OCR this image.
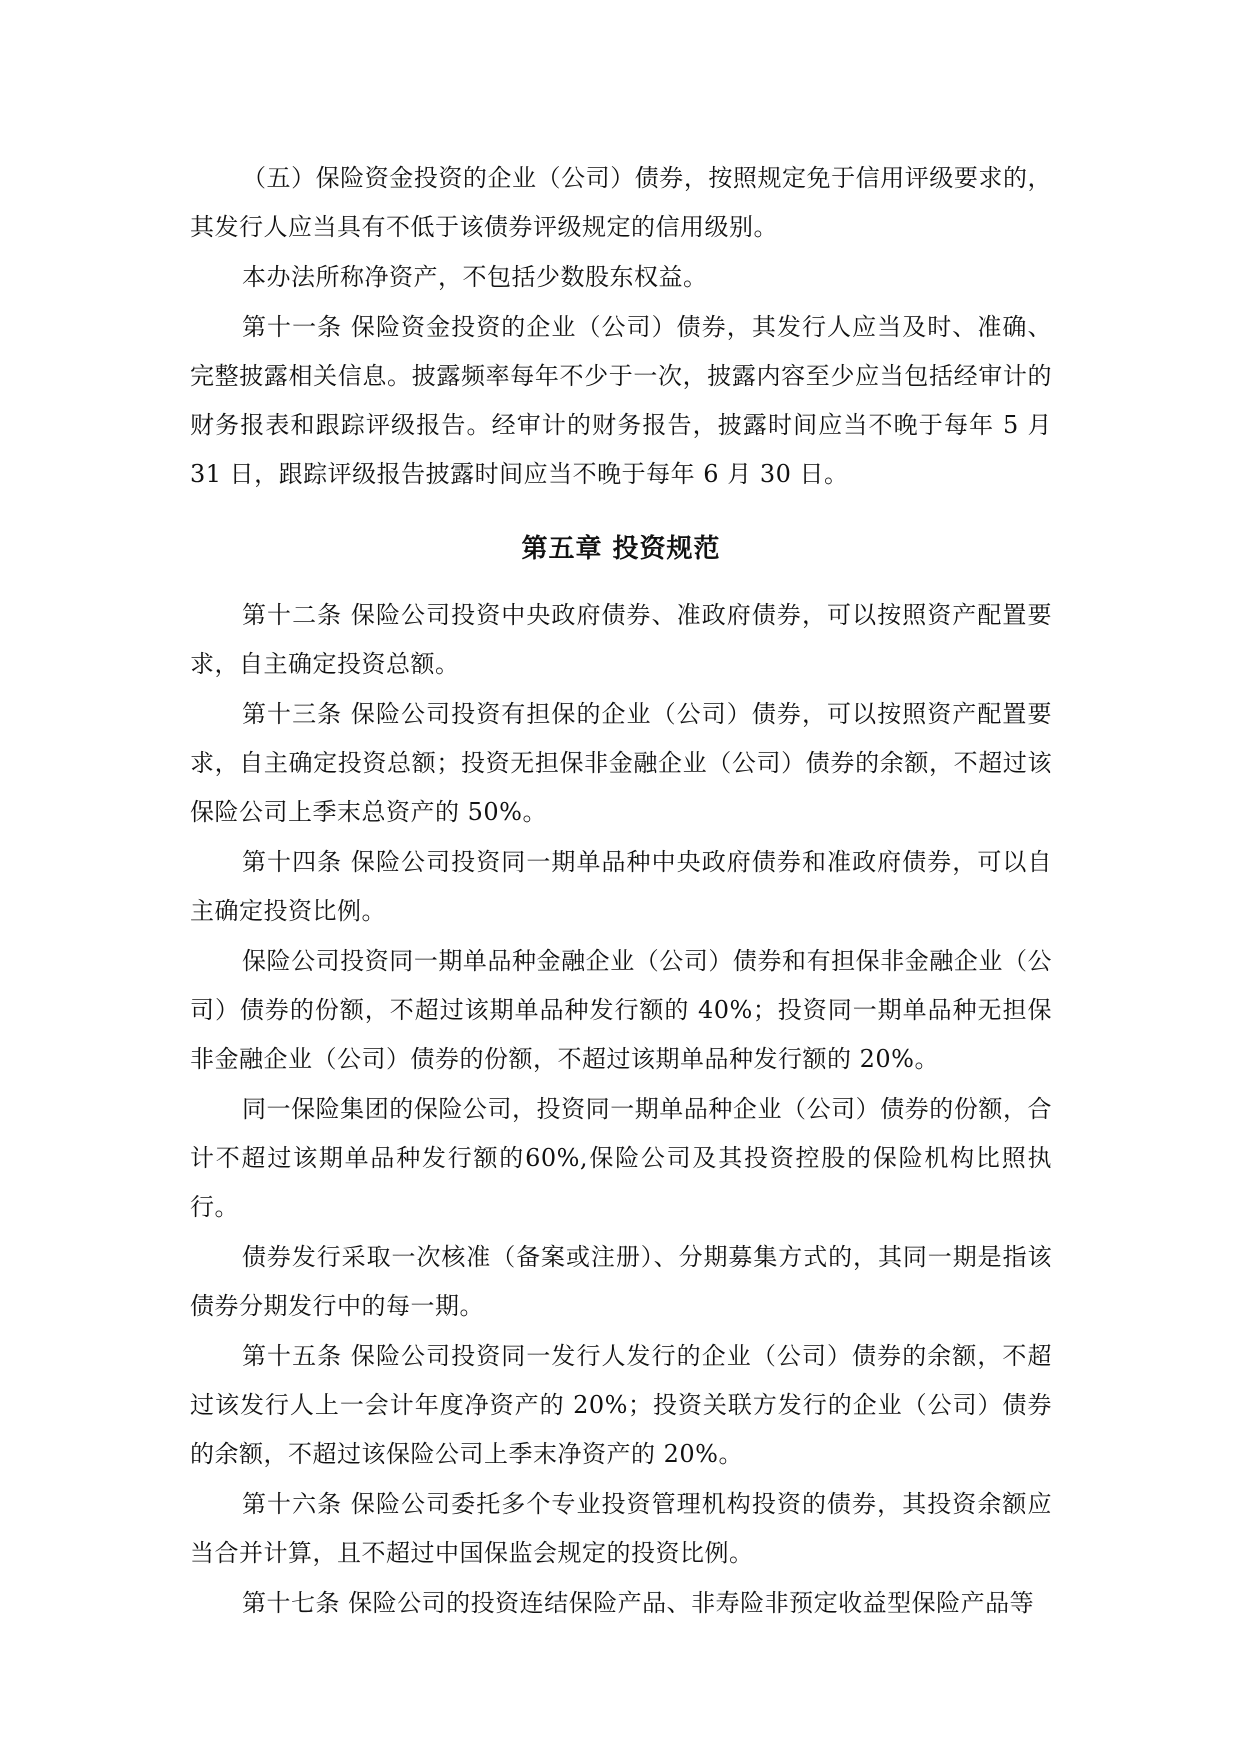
（五）保险资金投资的企业（公司）债券，按照规定免于信用评级要求的，其发行人应当具有不低于该债券评级规定的信用级别。

本办法所称净资产，不包括少数股东权益。

第十一条 保险资金投资的企业（公司）债券，其发行人应当及时、准确、完整披露相关信息。披露频率每年不少于一次，披露内容至少应当包括经审计的财务报表和跟踪评级报告。经审计的财务报告，披露时间应当不晚于每年 5 月 31 日，跟踪评级报告披露时间应当不晚于每年 6 月 30 日。

第五章 投资规范

第十二条 保险公司投资中央政府债券、准政府债券，可以按照资产配置要求，自主确定投资总额。

第十三条 保险公司投资有担保的企业（公司）债券，可以按照资产配置要求，自主确定投资总额；投资无担保非金融企业（公司）债券的余额，不超过该保险公司上季末总资产的 50%。

第十四条 保险公司投资同一期单品种中央政府债券和准政府债券，可以自主确定投资比例。

保险公司投资同一期单品种金融企业（公司）债券和有担保非金融企业（公司）债券的份额，不超过该期单品种发行额的 40%；投资同一期单品种无担保非金融企业（公司）债券的份额，不超过该期单品种发行额的 20%。

同一保险集团的保险公司，投资同一期单品种企业（公司）债券的份额，合计不超过该期单品种发行额的60%,保险公司及其投资控股的保险机构比照执行。

债券发行采取一次核准（备案或注册）、分期募集方式的，其同一期是指该债券分期发行中的每一期。

第十五条 保险公司投资同一发行人发行的企业（公司）债券的余额，不超过该发行人上一会计年度净资产的 20%；投资关联方发行的企业（公司）债券的余额，不超过该保险公司上季末净资产的 20%。

第十六条 保险公司委托多个专业投资管理机构投资的债券，其投资余额应当合并计算，且不超过中国保监会规定的投资比例。

第十七条 保险公司的投资连结保险产品、非寿险非预定收益型保险产品等
